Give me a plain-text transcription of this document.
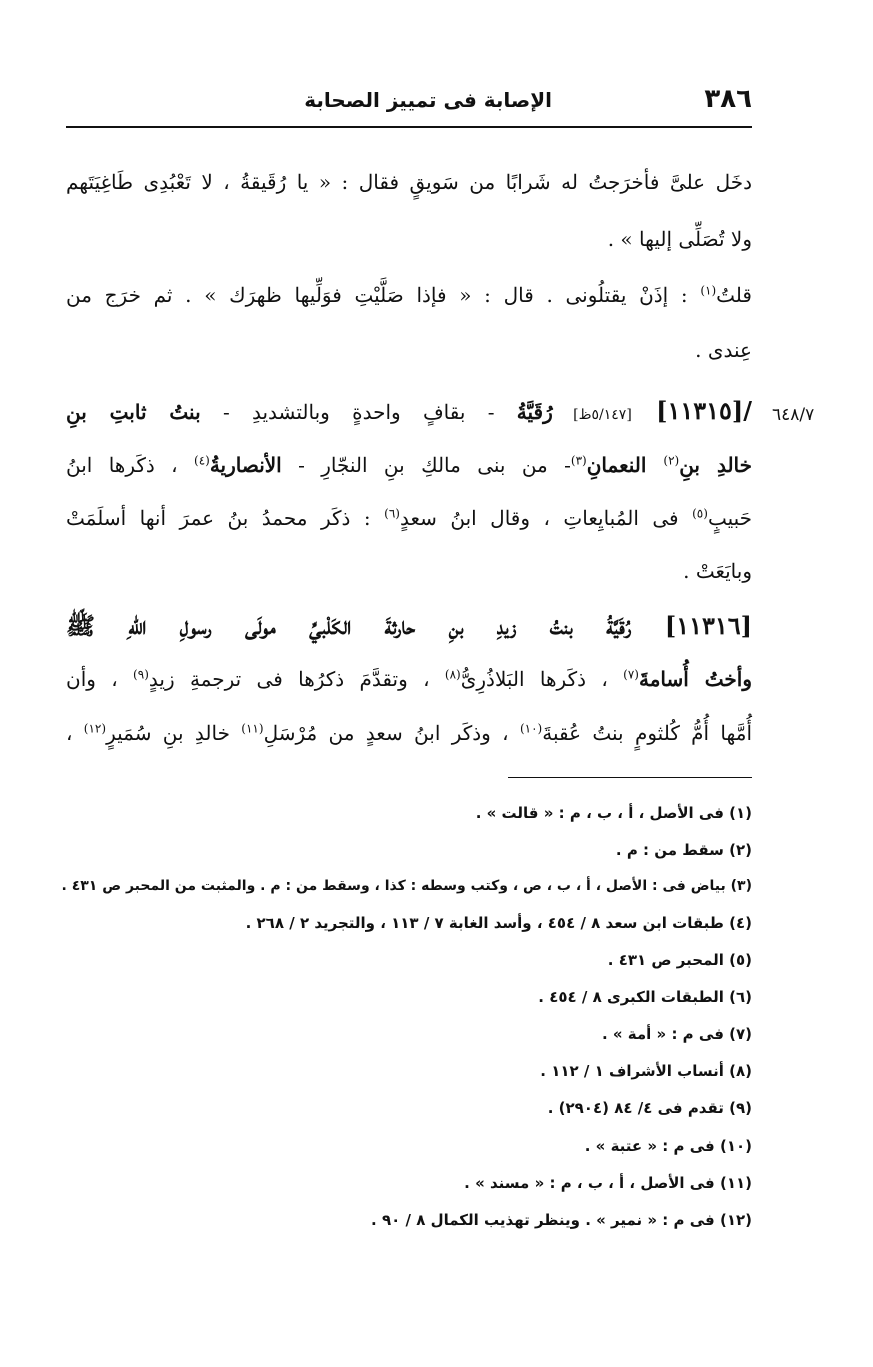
٣٨٦
الإصابة فى تمييز الصحابة
٦٤٨/٧
دخَل علىَّ فأخرَجتُ له شَرابًا من سَويقٍ فقال : « يا رُقَيقةُ ، لا تَعْبُدِى طَاغِيَتَهم
ولا تُصَلِّى إليها » .
قلتُ$^{(١)}$ : إذَنْ يقتلُونى . قال : « فإذا صَلَّيْتِ فوَلِّيها ظهرَك » . ثم خرَج من
عِندى .
/[١١٣١٥] [٥/١٤٧ظ] رُقَيَّةُ - بقافٍ واحدةٍ وبالتشديدِ - بنتُ ثابتِ بنِ
خالدِ بنِ$^{(٢)}$ النعمانِ$^{(٣)}$- من بنى مالكِ بنِ النجّارِ - الأنصاريةُ$^{(٤)}$ ، ذكَرها ابنُ
حَبيبٍ$^{(٥)}$ فى المُبايِعاتِ ، وقال ابنُ سعدٍ$^{(٦)}$ : ذكَر محمدُ بنُ عمرَ أنها أسلَمَتْ
وبايَعَتْ .
[١١٣١٦] رُقَيَّةُ بنتُ زيدِ بنِ حارثةَ الكَلْبيِّ مولَى رسولِ اللهِ ﷺ
وأختُ أُسامةَ$^{(٧)}$ ، ذكَرها البَلاذُرِىُّ$^{(٨)}$ ، وتقدَّمَ ذكرُها فى ترجمةِ زيدٍ$^{(٩)}$ ، وأن
أُمَّها أُمُّ كُلثومٍ بنتُ عُقبةَ$^{(١٠)}$ ، وذكَر ابنُ سعدٍ من مُرْسَلِ$^{(١١)}$ خالدِ بنِ سُمَيرٍ$^{(١٢)}$ ،
(١) فى الأصل ، أ ، ب ، م : « قالت » .
(٢) سقط من : م .
(٣) بياض فى : الأصل ، أ ، ب ، ص ، وكتب وسطه : كذا ، وسقط من : م . والمثبت من المحبر ص ٤٣١ .
(٤) طبقات ابن سعد ٨ / ٤٥٤ ، وأسد الغابة ٧ / ١١٣ ، والتجريد ٢ / ٢٦٨ .
(٥) المحبر ص ٤٣١ .
(٦) الطبقات الكبرى ٨ / ٤٥٤ .
(٧) فى م : « أمة » .
(٨) أنساب الأشراف ١ / ١١٢ .
(٩) تقدم فى ٤/ ٨٤ (٢٩٠٤) .
(١٠) فى م : « عتبة » .
(١١) فى الأصل ، أ ، ب ، م : « مسند » .
(١٢) فى م : « نمير » . وينظر تهذيب الكمال ٨ / ٩٠ .
